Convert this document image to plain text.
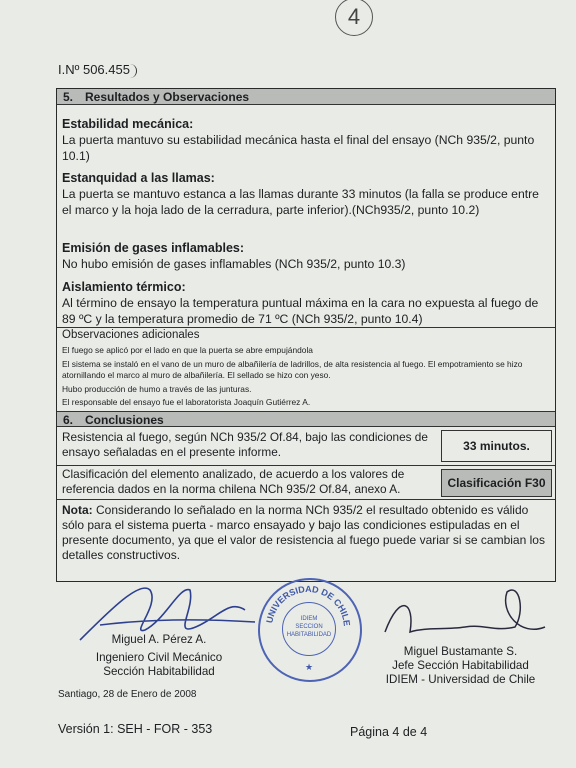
4
I.Nº 506.455
5. Resultados y Observaciones
Estabilidad mecánica:
La puerta mantuvo su estabilidad mecánica hasta el final del ensayo (NCh 935/2, punto 10.1)
Estanquidad a las llamas:
La puerta se mantuvo estanca a las llamas durante 33 minutos (la falla se produce entre el marco y la hoja lado de la cerradura, parte inferior).(NCh935/2, punto 10.2)
Emisión de gases inflamables:
No hubo emisión de gases inflamables (NCh 935/2, punto 10.3)
Aislamiento térmico:
Al término de ensayo la temperatura puntual máxima en la cara no expuesta al fuego de 89 ºC y la temperatura promedio de 71 ºC (NCh 935/2, punto 10.4)
Observaciones adicionales
El fuego se aplicó por el lado en que la puerta se abre empujándola
El sistema se instaló en el vano de un muro de albañilería de ladrillos, de alta resistencia al fuego. El empotramiento se hizo atornillando el marco al muro de albañilería. El sellado se hizo con yeso.
Hubo producción de humo a través de las junturas.
El responsable del ensayo fue el laboratorista Joaquín Gutiérrez A.
6. Conclusiones
Resistencia al fuego, según NCh 935/2 Of.84, bajo las condiciones de ensayo señaladas en el presente informe.	33 minutos.
Clasificación del elemento analizado, de acuerdo a los valores de referencia dados en la norma chilena NCh 935/2 Of.84, anexo A.	Clasificación F30
Nota: Considerando lo señalado en la norma NCh 935/2 el resultado obtenido es válido sólo para el sistema puerta - marco ensayado y bajo las condiciones estipuladas en el presente documento, ya que el valor de resistencia al fuego puede variar si se cambian los detalles constructivos.
Miguel A. Pérez A.
Ingeniero Civil Mecánico
Sección Habitabilidad
Santiago, 28 de Enero de 2008
UNIVERSIDAD DE CHILE
★
IDIEM
SECCION
HABITABILIDAD
Miguel Bustamante S.
Jefe Sección Habitabilidad
IDIEM - Universidad de Chile
Versión 1: SEH - FOR - 353	Página 4 de 4
